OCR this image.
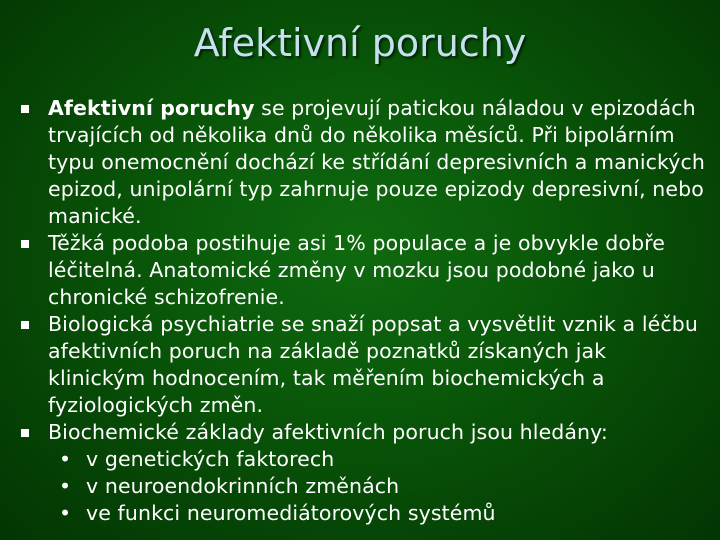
Afektivní poruchy
Afektivní poruchy se projevují patickou náladou v epizodách trvajících od několika dnů do několika měsíců. Při bipolárním typu onemocnění dochází ke střídání depresivních a manických epizod, unipolární typ zahrnuje pouze epizody depresivní, nebo manické.
Těžká podoba postihuje asi 1% populace a je obvykle dobře léčitelná. Anatomické změny v mozku jsou podobné jako u chronické schizofrenie.
Biologická psychiatrie se snaží popsat a vysvětlit vznik a léčbu afektivních poruch na základě poznatků získaných jak klinickým hodnocením, tak měřením biochemických a fyziologických změn.
Biochemické základy afektivních poruch jsou hledány:
• v genetických faktorech
• v neuroendokrinních změnách
• ve funkci neuromediátorových systémů
